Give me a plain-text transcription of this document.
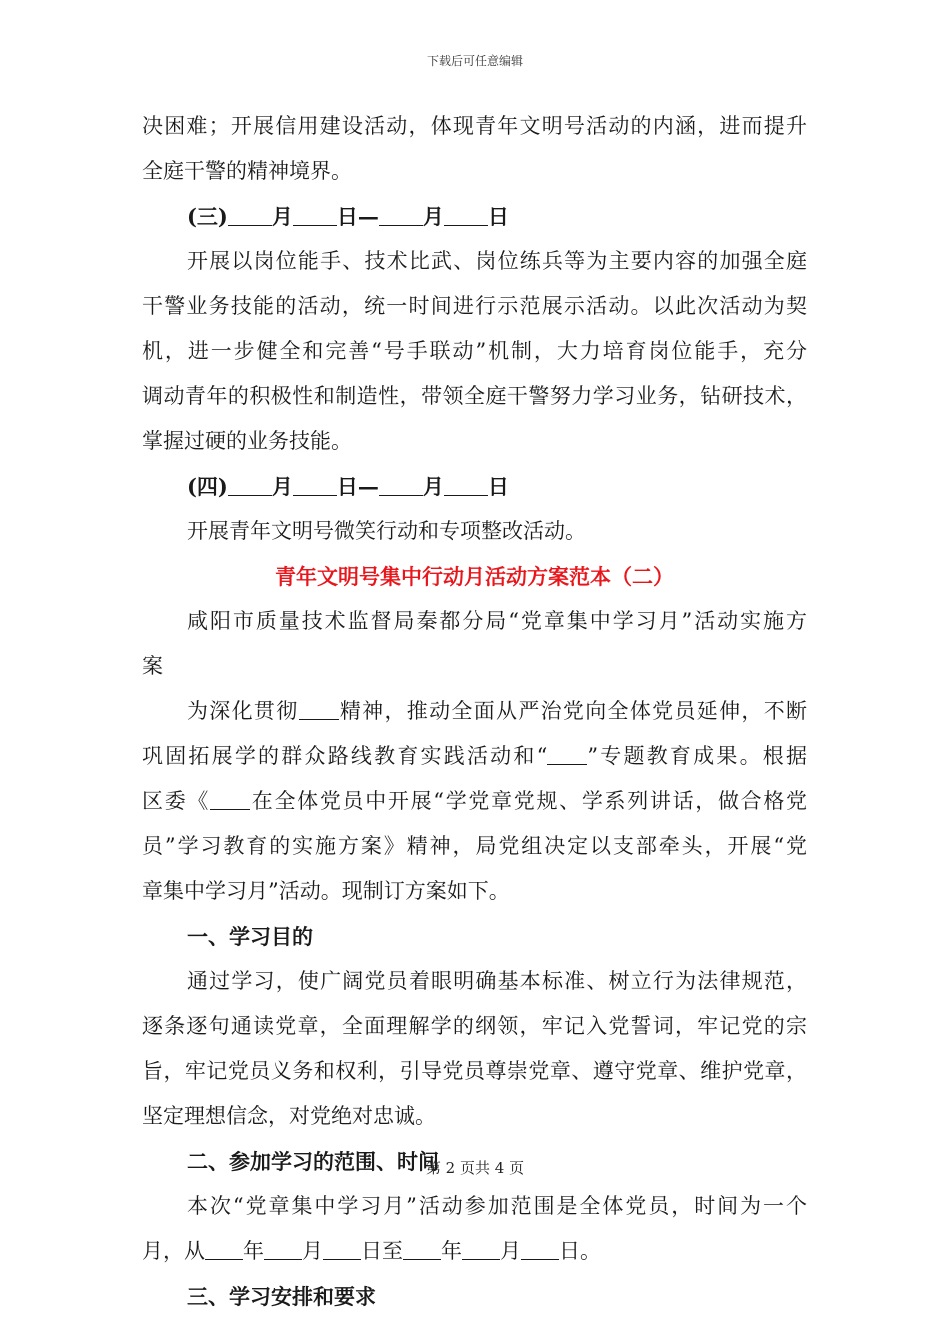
下载后可任意编辑
决困难；开展信用建设活动，体现青年文明号活动的内涵，进而提升
全庭干警的精神境界。
(三) 月 日— 月 日
开展以岗位能手、技术比武、岗位练兵等为主要内容的加强全庭
干警业务技能的活动，统一时间进行示范展示活动。以此次活动为契
机，进一步健全和完善“号手联动”机制，大力培育岗位能手，充分
调动青年的积极性和制造性，带领全庭干警努力学习业务，钻研技术，
掌握过硬的业务技能。
(四) 月 日— 月 日
开展青年文明号微笑行动和专项整改活动。
青年文明号集中行动月活动方案范本（二）
咸阳市质量技术监督局秦都分局“党章集中学习月”活动实施方
案
为深化贯彻 精神，推动全面从严治党向全体党员延伸，不断
巩固拓展学的群众路线教育实践活动和“ ”专题教育成果。根据
区委《 在全体党员中开展“学党章党规、学系列讲话，做合格党
员”学习教育的实施方案》精神，局党组决定以支部牵头，开展“党
章集中学习月”活动。现制订方案如下。
一、学习目的
通过学习，使广阔党员着眼明确基本标准、树立行为法律规范，
逐条逐句通读党章，全面理解学的纲领，牢记入党誓词，牢记党的宗
旨，牢记党员义务和权利，引导党员尊崇党章、遵守党章、维护党章，
坚定理想信念，对党绝对忠诚。
二、参加学习的范围、时间
本次“党章集中学习月”活动参加范围是全体党员，时间为一个
月，从 年 月 日至 年 月 日。
三、学习安排和要求
第 2 页共 4 页
